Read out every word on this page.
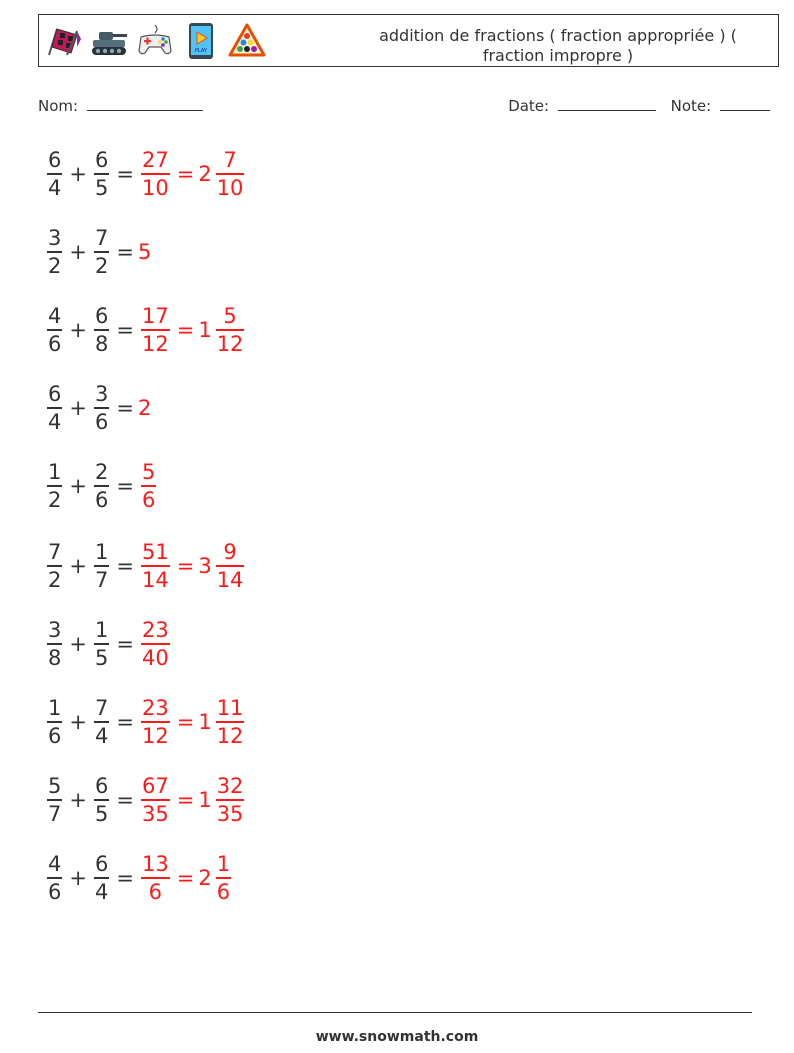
PLAY
addition de fractions ( fraction appropriée ) ( fraction impropre )
Nom:	Date:	Note:
$\frac{6}{4} + \frac{6}{5} = \frac{27}{10} = 2 \frac{7}{10}$
$\frac{3}{2} + \frac{7}{2} = 5$
$\frac{4}{6} + \frac{6}{8} = \frac{17}{12} = 1 \frac{5}{12}$
$\frac{6}{4} + \frac{3}{6} = 2$
$\frac{1}{2} + \frac{2}{6} = \frac{5}{6}$
$\frac{7}{2} + \frac{1}{7} = \frac{51}{14} = 3 \frac{9}{14}$
$\frac{3}{8} + \frac{1}{5} = \frac{23}{40}$
$\frac{1}{6} + \frac{7}{4} = \frac{23}{12} = 1 \frac{11}{12}$
$\frac{5}{7} + \frac{6}{5} = \frac{67}{35} = 1 \frac{32}{35}$
$\frac{4}{6} + \frac{6}{4} = \frac{13}{6} = 2 \frac{1}{6}$
www.snowmath.com
